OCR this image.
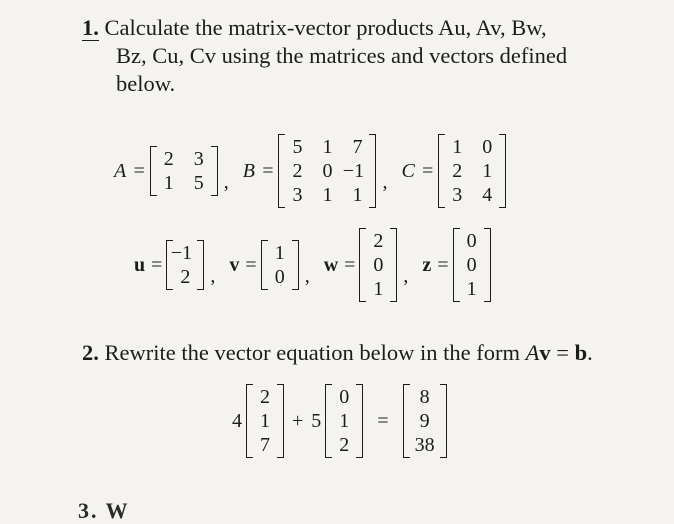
1. Calculate the matrix-vector products Au, Av, Bw,
Bz, Cu, Cv using the matrices and vectors defined
below.
A =
2 3
1 5 ,
B =
5 1 7
2 0 −1
3 1 1
,
C =
1 0
2 1
3 4
u =
−1
2 ,
v =
1
0 ,
w =
2
0
1
,
z =
0
0
1
2. Rewrite the vector equation below in the form Av = b.
4
2
1
7
+ 5
0
1
2
=
8
9
38
3. W
